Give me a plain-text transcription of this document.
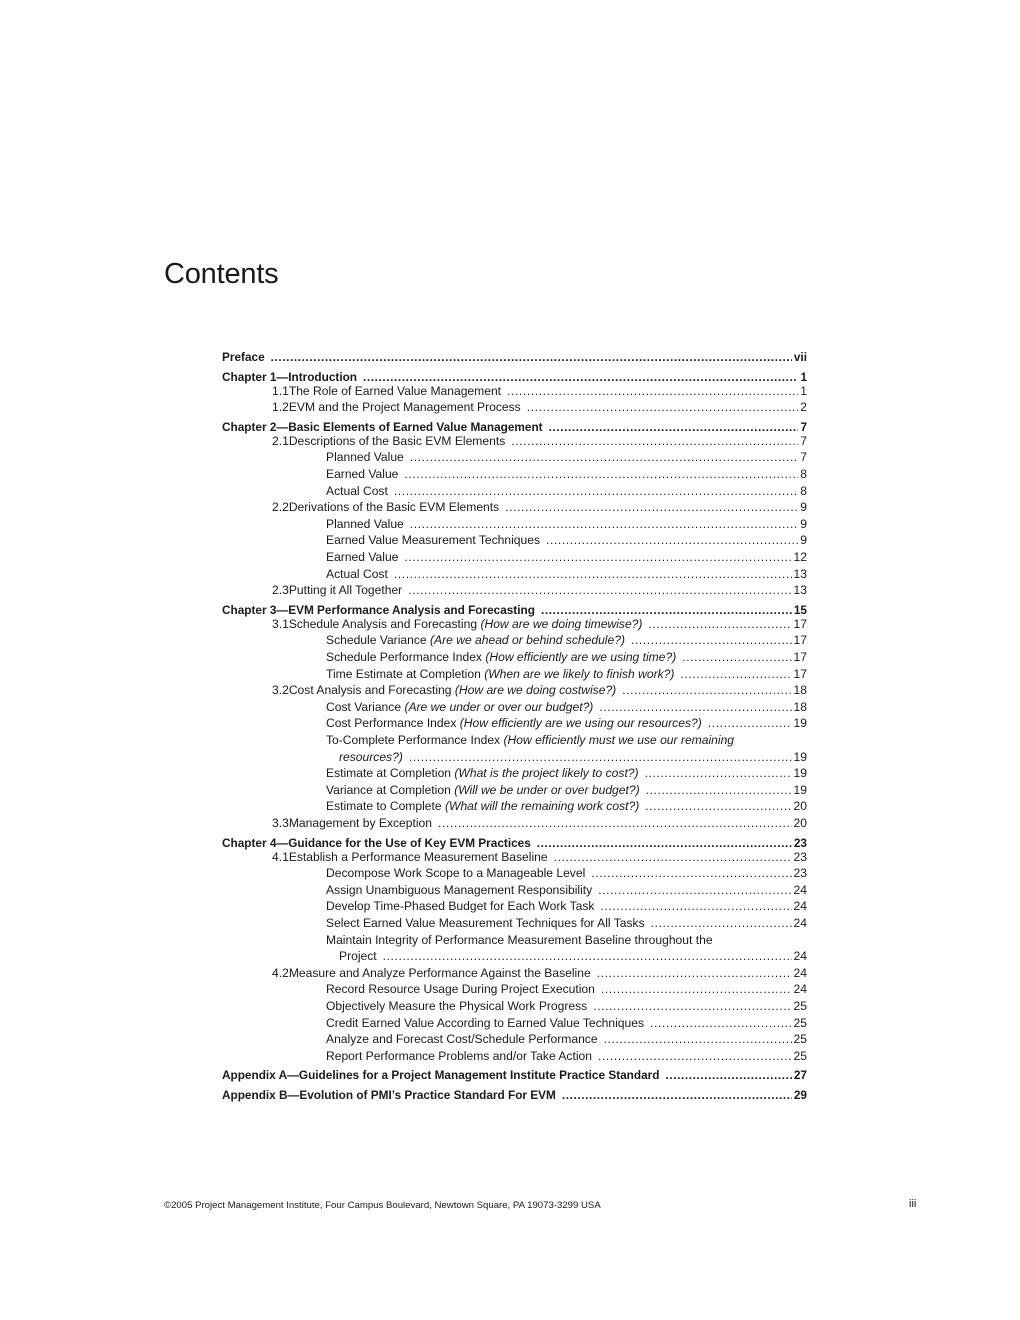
Contents
Preface .....	vii
Chapter 1—Introduction .....	1
1.1 The Role of Earned Value Management .....	1
1.2 EVM and the Project Management Process .....	2
Chapter 2—Basic Elements of Earned Value Management .....	7
2.1 Descriptions of the Basic EVM Elements .....	7
Planned Value .....	7
Earned Value .....	8
Actual Cost .....	8
2.2 Derivations of the Basic EVM Elements .....	9
Planned Value .....	9
Earned Value Measurement Techniques .....	9
Earned Value .....	12
Actual Cost .....	13
2.3 Putting it All Together .....	13
Chapter 3—EVM Performance Analysis and Forecasting .....	15
3.1 Schedule Analysis and Forecasting (How are we doing timewise?) .....	17
Schedule Variance (Are we ahead or behind schedule?) .....	17
Schedule Performance Index (How efficiently are we using time?) .....	17
Time Estimate at Completion (When are we likely to finish work?) .....	17
3.2 Cost Analysis and Forecasting (How are we doing costwise?) .....	18
Cost Variance (Are we under or over our budget?) .....	18
Cost Performance Index (How efficiently are we using our resources?) .....	19
To-Complete Performance Index (How efficiently must we use our remaining
resources?) .....	19
Estimate at Completion (What is the project likely to cost?) .....	19
Variance at Completion (Will we be under or over budget?) .....	19
Estimate to Complete (What will the remaining work cost?) .....	20
3.3 Management by Exception .....	20
Chapter 4—Guidance for the Use of Key EVM Practices .....	23
4.1 Establish a Performance Measurement Baseline .....	23
Decompose Work Scope to a Manageable Level .....	23
Assign Unambiguous Management Responsibility .....	24
Develop Time-Phased Budget for Each Work Task .....	24
Select Earned Value Measurement Techniques for All Tasks .....	24
Maintain Integrity of Performance Measurement Baseline throughout the
Project .....	24
4.2 Measure and Analyze Performance Against the Baseline .....	24
Record Resource Usage During Project Execution .....	24
Objectively Measure the Physical Work Progress .....	25
Credit Earned Value According to Earned Value Techniques .....	25
Analyze and Forecast Cost/Schedule Performance .....	25
Report Performance Problems and/or Take Action .....	25
Appendix A—Guidelines for a Project Management Institute Practice Standard .....	27
Appendix B—Evolution of PMI’s Practice Standard For EVM .....	29
©2005 Project Management Institute, Four Campus Boulevard, Newtown Square, PA 19073-3299 USA	iii
